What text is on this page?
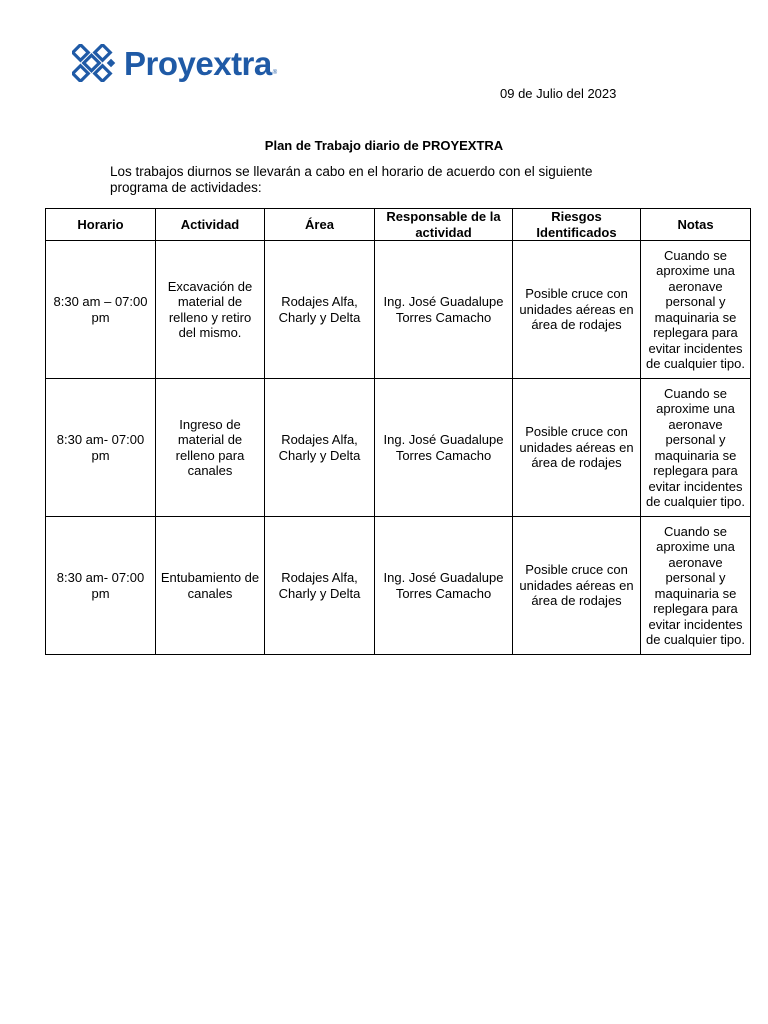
Proyextra ®
09 de Julio del 2023
Plan de Trabajo diario de PROYEXTRA
Los trabajos diurnos se llevarán a cabo en el horario de acuerdo con el siguiente programa de actividades:
Horario	Actividad	Área	Responsable de la actividad	Riesgos Identificados	Notas
8:30 am – 07:00 pm	Excavación de material de relleno y retiro del mismo.	Rodajes Alfa, Charly y Delta	Ing. José Guadalupe Torres Camacho	Posible cruce con unidades aéreas en área de rodajes	Cuando se aproxime una aeronave personal y maquinaria se replegara para evitar incidentes de cualquier tipo.
8:30 am- 07:00 pm	Ingreso de material de relleno para canales	Rodajes Alfa, Charly y Delta	Ing. José Guadalupe Torres Camacho	Posible cruce con unidades aéreas en área de rodajes	Cuando se aproxime una aeronave personal y maquinaria se replegara para evitar incidentes de cualquier tipo.
8:30 am- 07:00 pm	Entubamiento de canales	Rodajes Alfa, Charly y Delta	Ing. José Guadalupe Torres Camacho	Posible cruce con unidades aéreas en área de rodajes	Cuando se aproxime una aeronave personal y maquinaria se replegara para evitar incidentes de cualquier tipo.
